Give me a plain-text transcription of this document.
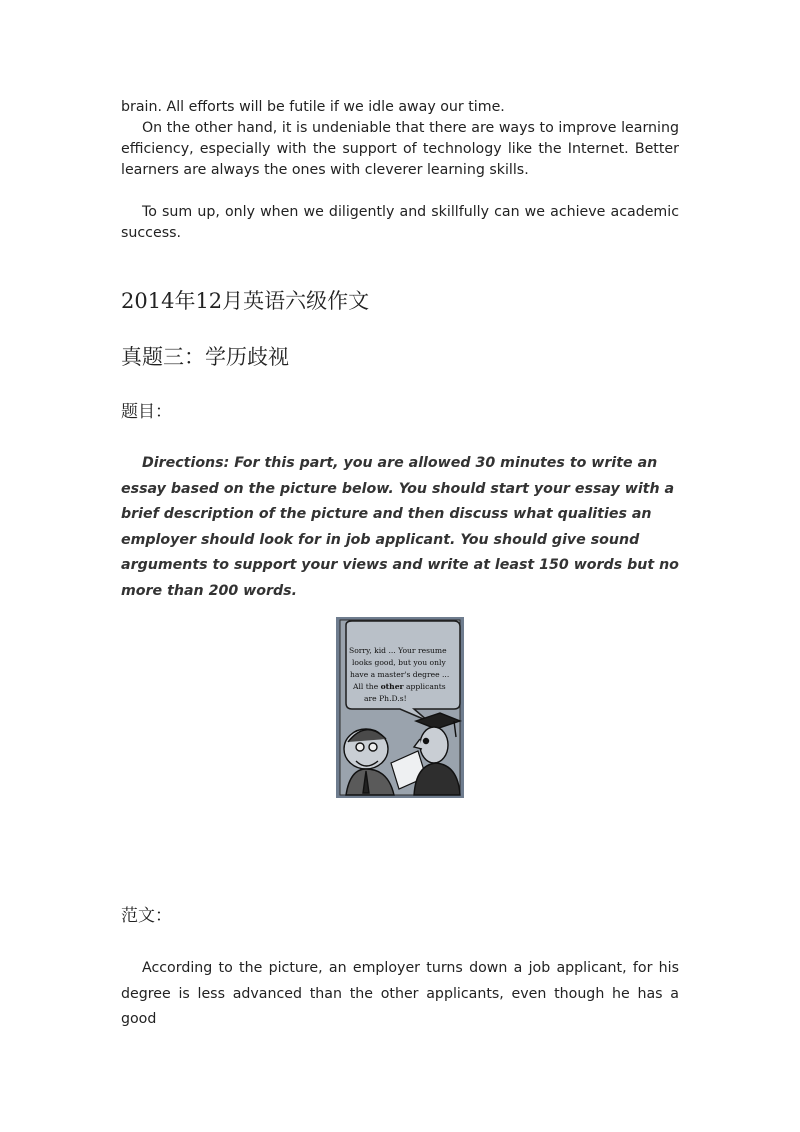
brain. All efforts will be futile if we idle away our time.
On the other hand, it is undeniable that there are ways to improve learning efficiency, especially with the support of technology like the Internet. Better learners are always the ones with cleverer learning skills.
To sum up, only when we diligently and skillfully can we achieve academic success.
2014年12月英语六级作文
真题三：学历歧视
题目：
Directions: For this part, you are allowed 30 minutes to write an essay based on the picture below. You should start your essay with a brief description of the picture and then discuss what qualities an employer should look for in job applicant. You should give sound arguments to support your views and write at least 150 words but no more than 200 words.
Sorry, kid ... Your resume looks good, but you only have a master's degree ... All the other applicants are Ph.D.s!
范文：
According to the picture, an employer turns down a job applicant, for his degree is less advanced than the other applicants, even though he has a good
